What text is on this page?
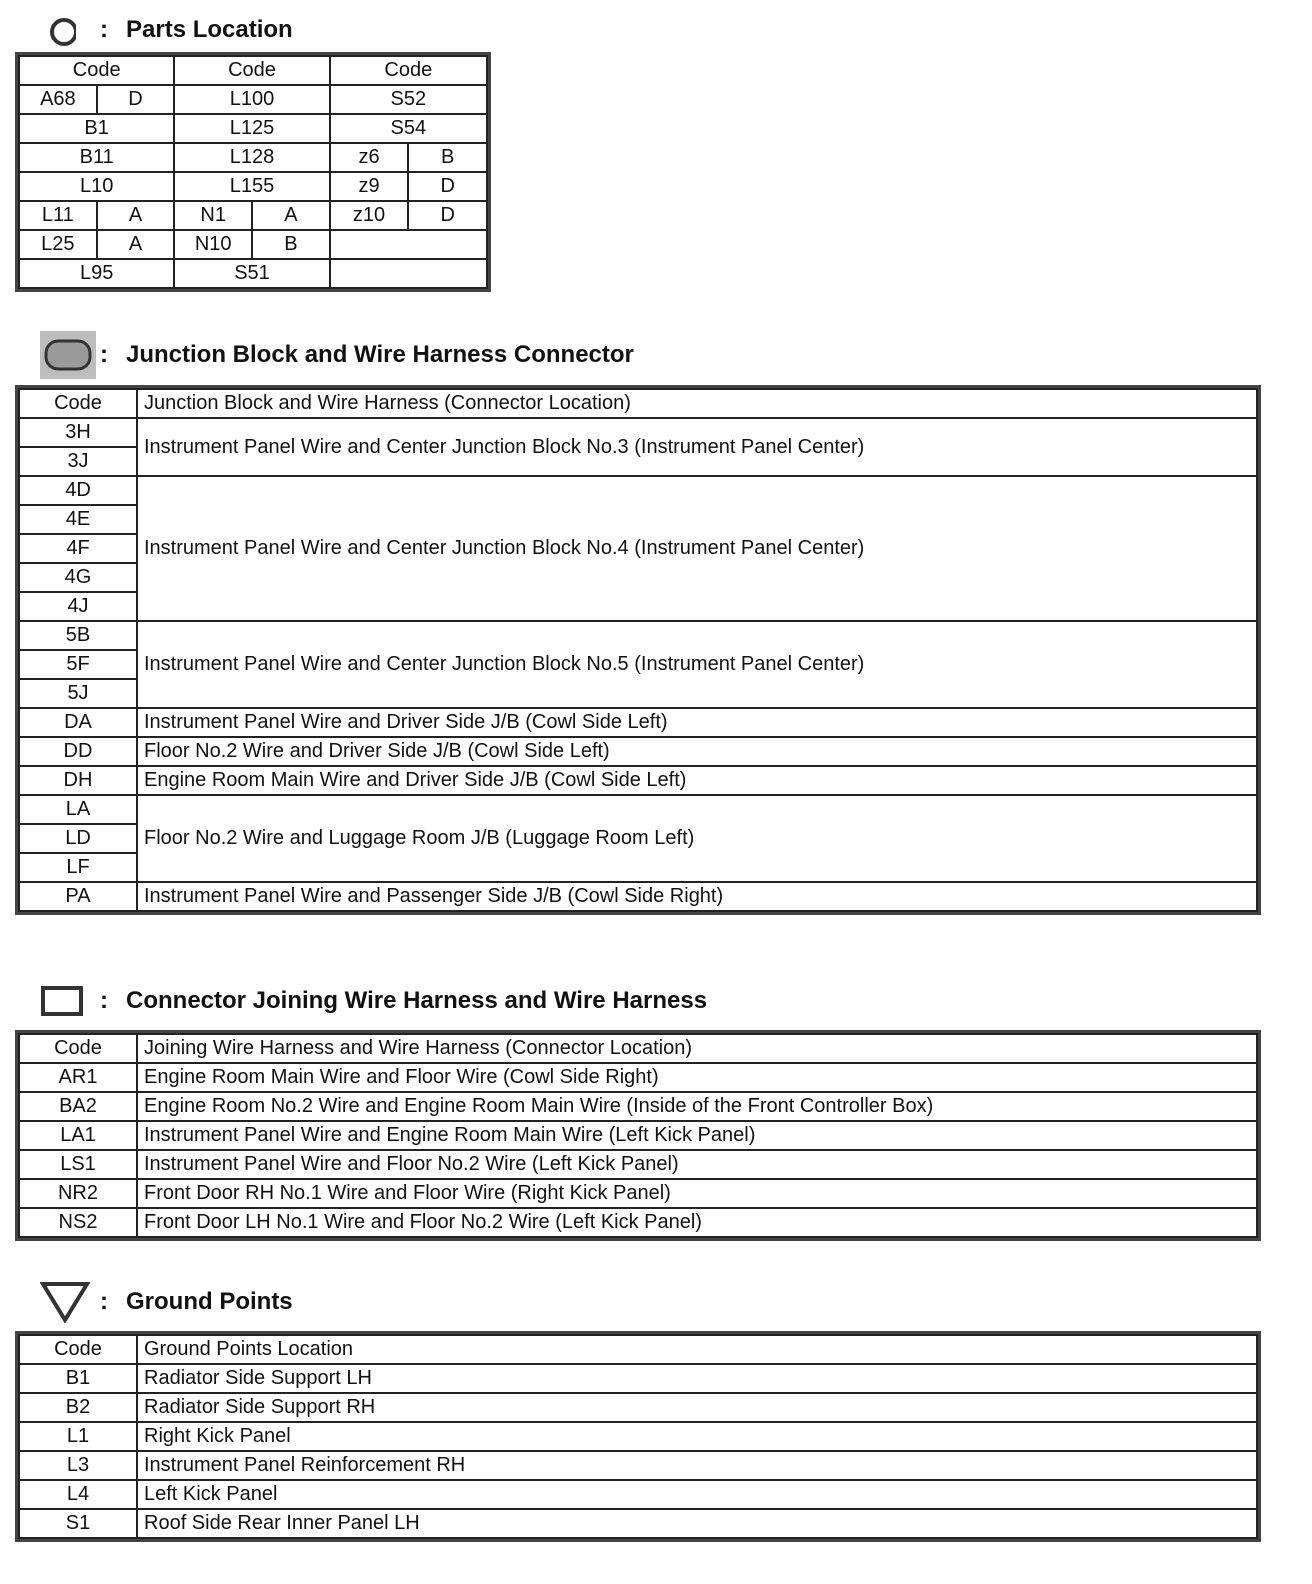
: Parts Location
Code		Code		Code	
A68	D	L100		S52	
B1		L125		S54	
B11		L128		z6	B
L10		L155		z9	D
L11	A	N1	A	z10	D
L25	A	N10	B		
L95		S51			
: Junction Block and Wire Harness Connector
Code	Junction Block and Wire Harness (Connector Location)
3H	Instrument Panel Wire and Center Junction Block No.3 (Instrument Panel Center)
3J	
4D	Instrument Panel Wire and Center Junction Block No.4 (Instrument Panel Center)
4E	
4F	
4G	
4J	
5B	Instrument Panel Wire and Center Junction Block No.5 (Instrument Panel Center)
5F	
5J	
DA	Instrument Panel Wire and Driver Side J/B (Cowl Side Left)
DD	Floor No.2 Wire and Driver Side J/B (Cowl Side Left)
DH	Engine Room Main Wire and Driver Side J/B (Cowl Side Left)
LA	Floor No.2 Wire and Luggage Room J/B (Luggage Room Left)
LD	
LF	
PA	Instrument Panel Wire and Passenger Side J/B (Cowl Side Right)
: Connector Joining Wire Harness and Wire Harness
Code	Joining Wire Harness and Wire Harness (Connector Location)
AR1	Engine Room Main Wire and Floor Wire (Cowl Side Right)
BA2	Engine Room No.2 Wire and Engine Room Main Wire (Inside of the Front Controller Box)
LA1	Instrument Panel Wire and Engine Room Main Wire (Left Kick Panel)
LS1	Instrument Panel Wire and Floor No.2 Wire (Left Kick Panel)
NR2	Front Door RH No.1 Wire and Floor Wire (Right Kick Panel)
NS2	Front Door LH No.1 Wire and Floor No.2 Wire (Left Kick Panel)
: Ground Points
Code	Ground Points Location
B1	Radiator Side Support LH
B2	Radiator Side Support RH
L1	Right Kick Panel
L3	Instrument Panel Reinforcement RH
L4	Left Kick Panel
S1	Roof Side Rear Inner Panel LH
